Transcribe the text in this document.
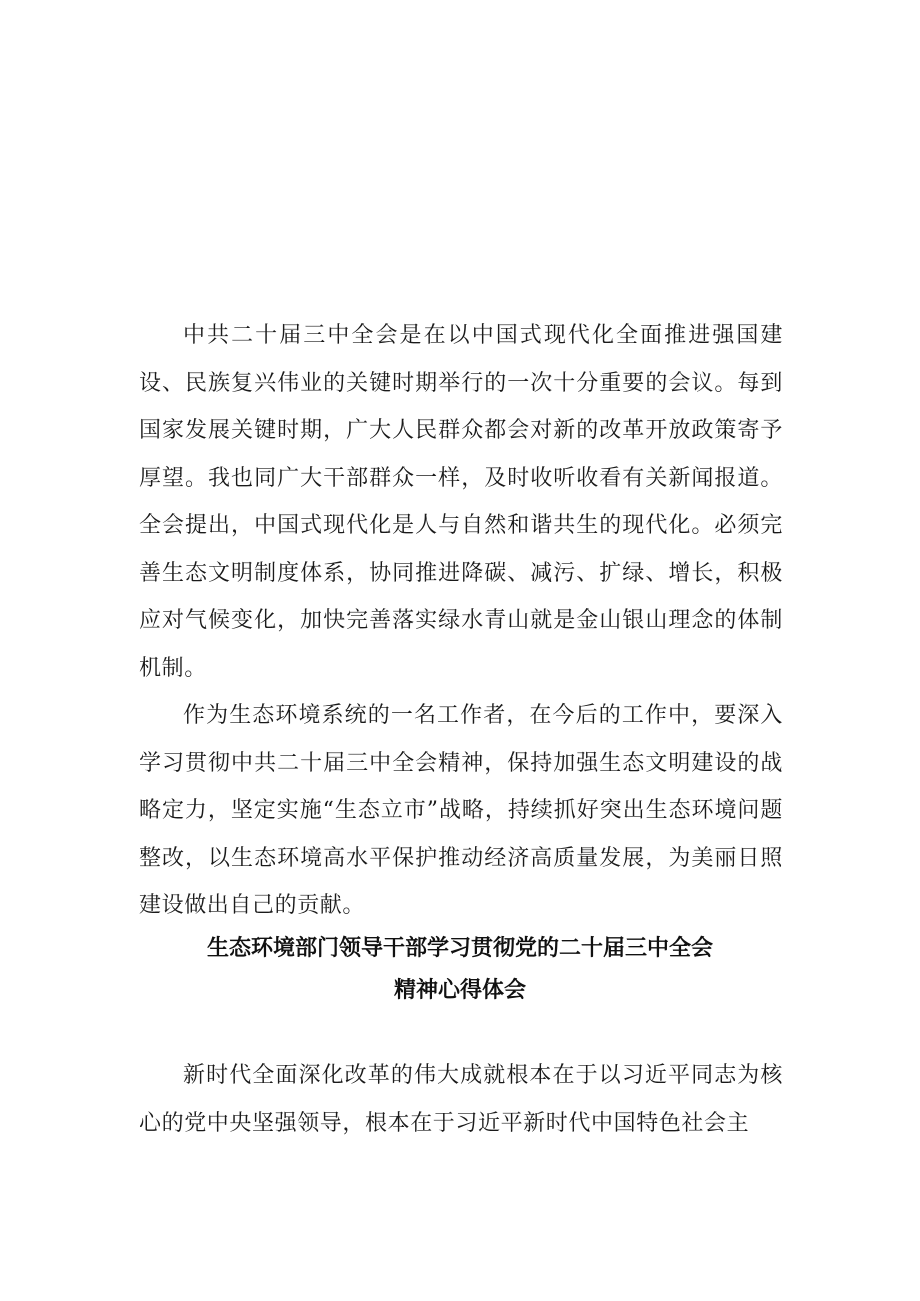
中共二十届三中全会是在以中国式现代化全面推进强国建设、民族复兴伟业的关键时期举行的一次十分重要的会议。每到国家发展关键时期，广大人民群众都会对新的改革开放政策寄予厚望。我也同广大干部群众一样，及时收听收看有关新闻报道。全会提出，中国式现代化是人与自然和谐共生的现代化。必须完善生态文明制度体系，协同推进降碳、减污、扩绿、增长，积极应对气候变化，加快完善落实绿水青山就是金山银山理念的体制机制。

作为生态环境系统的一名工作者，在今后的工作中，要深入学习贯彻中共二十届三中全会精神，保持加强生态文明建设的战略定力，坚定实施“生态立市”战略，持续抓好突出生态环境问题整改，以生态环境高水平保护推动经济高质量发展，为美丽日照建设做出自己的贡献。

生态环境部门领导干部学习贯彻党的二十届三中全会
精神心得体会

新时代全面深化改革的伟大成就根本在于以习近平同志为核心的党中央坚强领导，根本在于习近平新时代中国特色社会主
